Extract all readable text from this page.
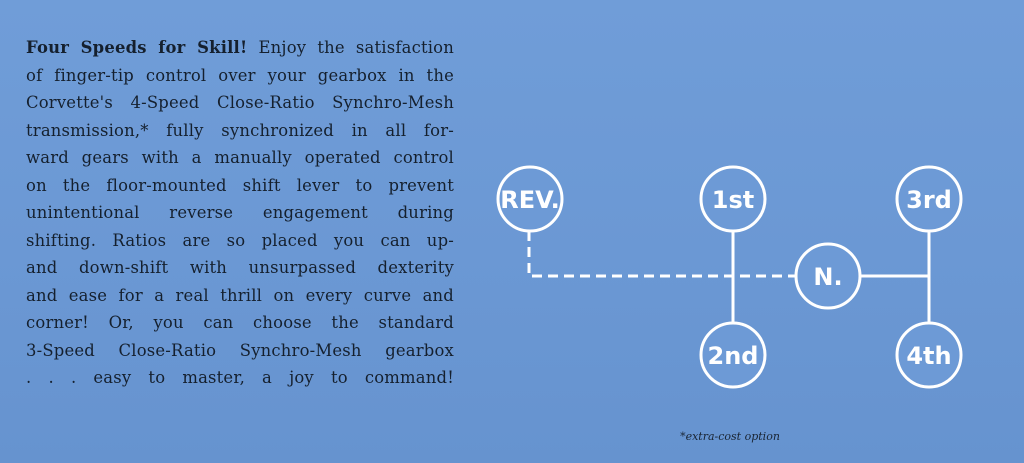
Four Speeds for Skill! Enjoy the satisfaction
of finger-tip control over your gearbox in the
Corvette's 4-Speed Close-Ratio Synchro-Mesh
transmission,* fully synchronized in all for-
ward gears with a manually operated control
on the floor-mounted shift lever to prevent
unintentional reverse engagement during
shifting. Ratios are so placed you can up-
and down-shift with unsurpassed dexterity
and ease for a real thrill on every curve and
corner! Or, you can choose the standard
3-Speed Close-Ratio Synchro-Mesh gearbox
. . . easy to master, a joy to command!
REV.	1st
2nd
N.
3rd
4th
*extra-cost option
